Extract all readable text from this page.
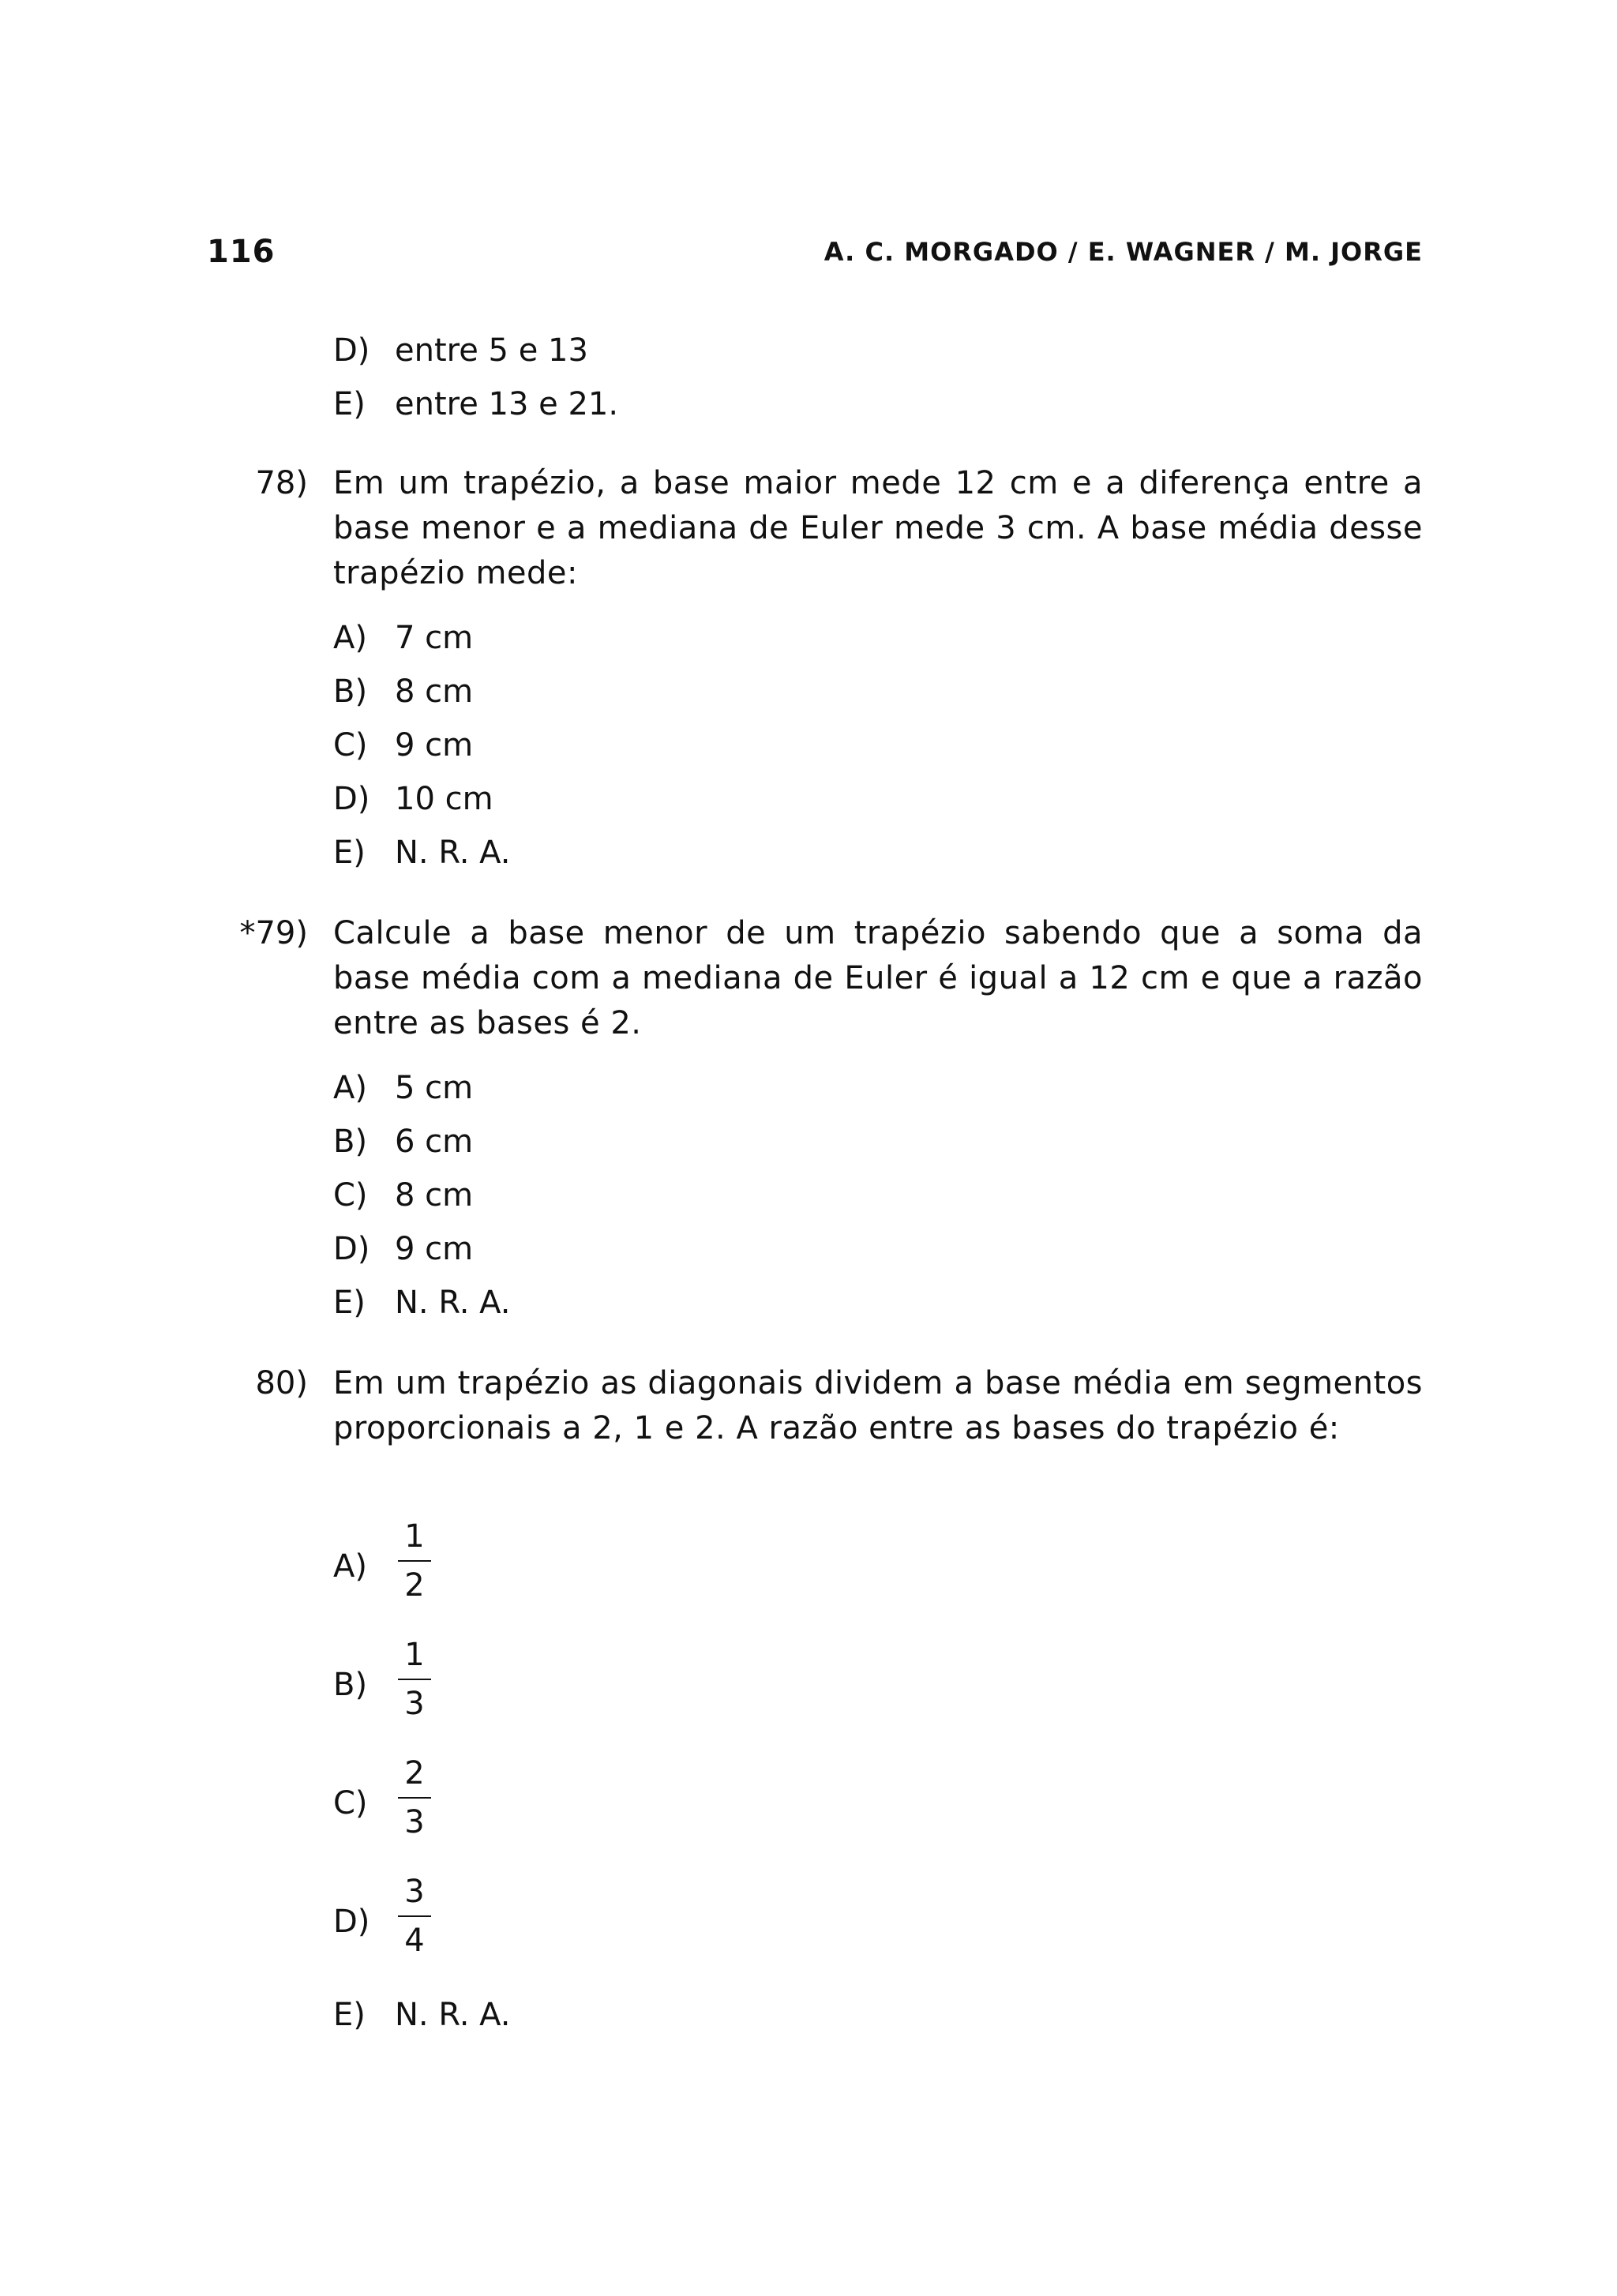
116	A. C. MORGADO / E. WAGNER / M. JORGE
D) entre 5 e 13
E) entre 13 e 21.
78) Em um trapézio, a base maior mede 12 cm e a diferença entre a base menor e a mediana de Euler mede 3 cm. A base média desse trapézio mede:
A) 7 cm
B) 8 cm
C) 9 cm
D) 10 cm
E) N. R. A.
*79) Calcule a base menor de um trapézio sabendo que a soma da base média com a mediana de Euler é igual a 12 cm e que a razão entre as bases é 2.
A) 5 cm
B) 6 cm
C) 8 cm
D) 9 cm
E) N. R. A.
80) Em um trapézio as diagonais dividem a base média em segmentos proporcionais a 2, 1 e 2. A razão entre as bases do trapézio é:
A)
1
2
B)
1
3
C)
2
3
D)
3
4
E) N. R. A.
